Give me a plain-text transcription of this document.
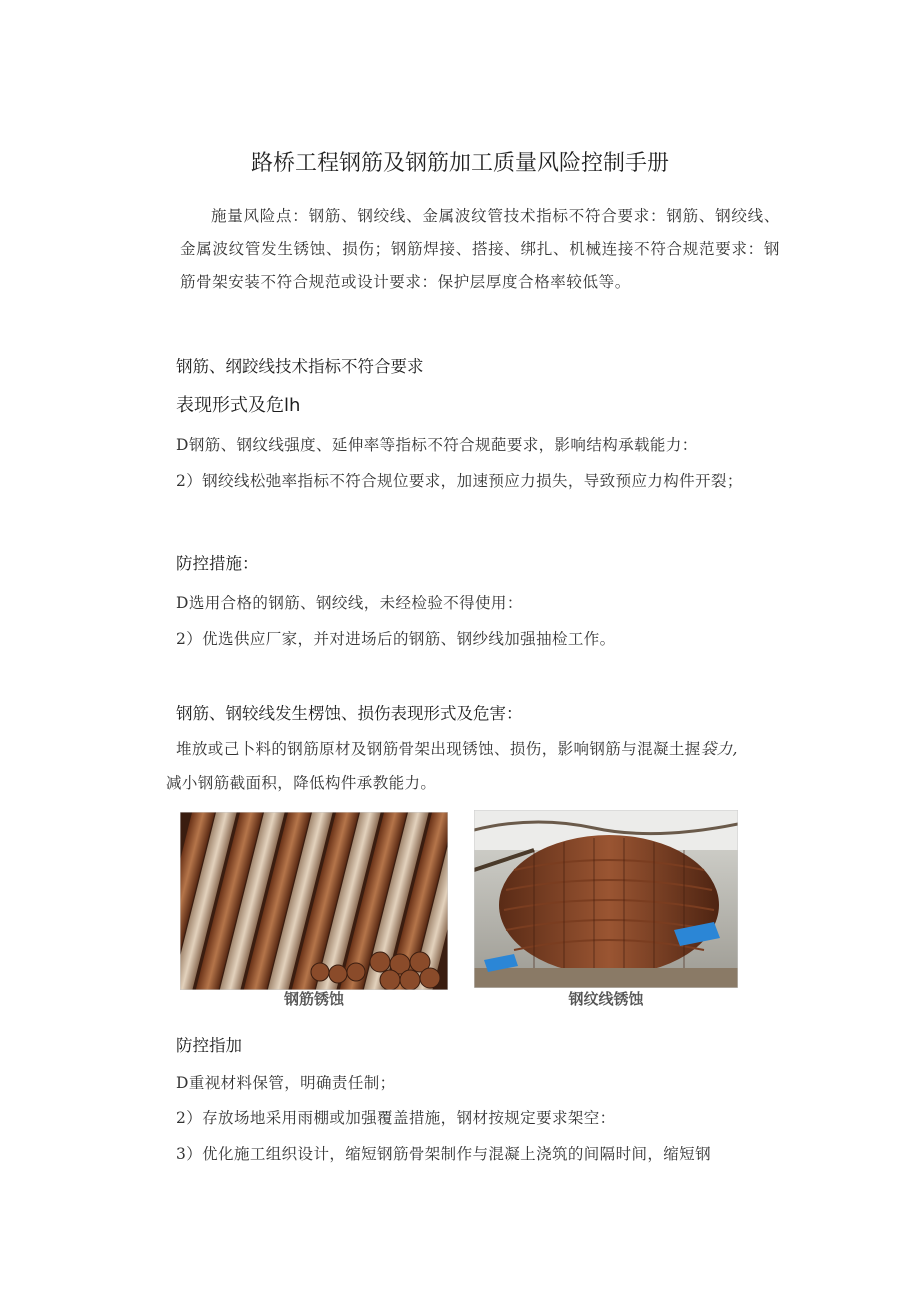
路桥工程钢筋及钢筋加工质量风险控制手册
施量风险点：钢筋、钢绞线、金属波纹管技术指标不符合要求：钢筋、钢绞线、金属波纹管发生锈蚀、损伤；钢筋焊接、搭接、绑扎、机械连接不符合规范要求：钢筋骨架安装不符合规范或设计要求：保护层厚度合格率较低等。
钢筋、纲跤线技术指标不符合要求
表现形式及危lh
D钢筋、钢纹线强度、延伸率等指标不符合规葩要求，影响结构承载能力：
2）钢绞线松弛率指标不符合规位要求，加速预应力损失，导致预应力构件开裂；
防控措施：
D选用合格的钢筋、钢绞线，未经检验不得使用：
2）优选供应厂家，并对进场后的钢筋、钢纱线加强抽检工作。
钢筋、钢较线发生楞蚀、损伤表现形式及危害：
堆放或己卜料的钢筋原材及钢筋骨架出现锈蚀、损伤，影响钢筋与混凝土握袋力,
减小钢筋截面积，降低构件承教能力。
钢筋锈蚀	钢纹线锈蚀
防控指加
D重视材料保管，明确责任制；
2）存放场地采用雨棚或加强覆盖措施，钢材按规定要求架空：
3）优化施工组织设计，缩短钢筋骨架制作与混凝上浇筑的间隔时间，缩短钢
